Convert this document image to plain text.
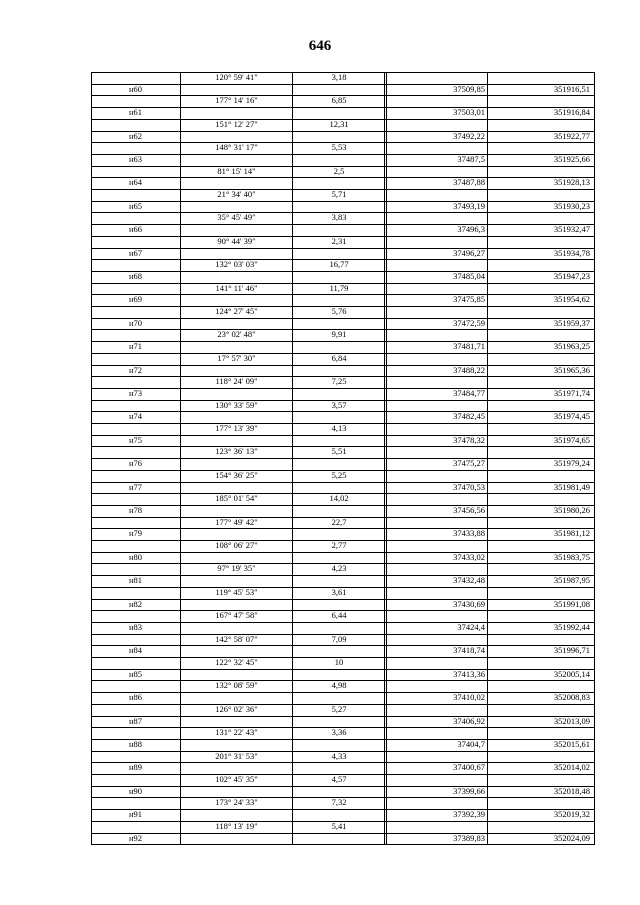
646
120° 59' 41"	3,18
н60	37509,85	351916,51
177° 14' 16"	6,85
н61	37503,01	351916,84
151° 12' 27"	12,31
н62	37492,22	351922,77
148° 31' 17"	5,53
н63	37487,5	351925,66
81° 15' 14"	2,5
н64	37487,88	351928,13
21° 34' 40"	5,71
н65	37493,19	351930,23
35° 45' 49"	3,83
н66	37496,3	351932,47
90° 44' 39"	2,31
н67	37496,27	351934,78
132° 03' 03"	16,77
н68	37485,04	351947,23
141° 11' 46"	11,79
н69	37475,85	351954,62
124° 27' 45"	5,76
н70	37472,59	351959,37
23° 02' 48"	9,91
н71	37481,71	351963,25
17° 57' 30"	6,84
н72	37488,22	351965,36
118° 24' 09"	7,25
н73	37484,77	351971,74
130° 33' 59"	3,57
н74	37482,45	351974,45
177° 13' 39"	4,13
н75	37478,32	351974,65
123° 36' 13"	5,51
н76	37475,27	351979,24
154° 36' 25"	5,25
н77	37470,53	351981,49
185° 01' 54"	14,02
н78	37456,56	351980,26
177° 49' 42"	22,7
н79	37433,88	351981,12
108° 06' 27"	2,77
н80	37433,02	351983,75
97° 19' 35"	4,23
н81	37432,48	351987,95
119° 45' 53"	3,61
н82	37430,69	351991,08
167° 47' 58"	6,44
н83	37424,4	351992,44
142° 58' 07"	7,09
н84	37418,74	351996,71
122° 32' 45"	10
н85	37413,36	352005,14
132° 08' 59"	4,98
н86	37410,02	352008,83
126° 02' 36"	5,27
н87	37406,92	352013,09
131° 22' 43"	3,36
н88	37404,7	352015,61
201° 31' 53"	4,33
н89	37400,67	352014,02
102° 45' 35"	4,57
н90	37399,66	352018,48
173° 24' 33"	7,32
н91	37392,39	352019,32
118° 13' 19"	5,41
н92	37389,83	352024,09
